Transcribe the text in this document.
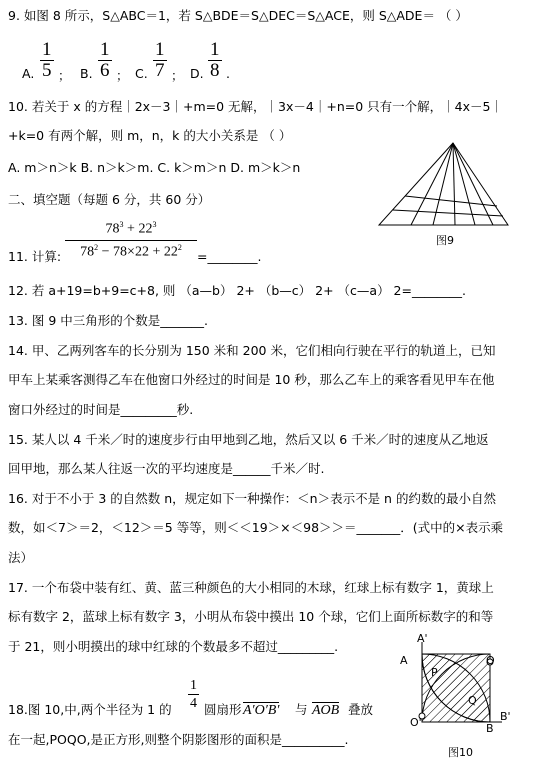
9. 如图 8 所示，S△ABC＝1，若 S△BDE＝S△DEC＝S△ACE，则 S△ADE＝ （ ）
A. $\frac{1}{5}$ ； B. $\frac{1}{6}$ ； C. $\frac{1}{7}$ ； D. $\frac{1}{8}$ .
10. 若关于 x 的方程｜2x－3｜+m=0 无解，｜3x－4｜+n=0 只有一个解，｜4x－5｜
+k=0 有两个解，则 m，n，k 的大小关系是 （ ）
A. m＞n＞k B. n＞k＞m. C. k＞m＞n D. m＞k＞n
二、填空题（每题 6 分，共 60 分）
11. 计算: $\frac{78^3 + 22^3}{78^2 - 78\times 22 + 22^2}$ =________.
12. 若 a+19=b+9=c+8, 则 （a—b） 2+ （b—c） 2+ （c—a） 2=________.
13. 图 9 中三角形的个数是_______.
14. 甲、乙两列客车的长分别为 150 米和 200 米，它们相向行驶在平行的轨道上，已知
甲车上某乘客测得乙车在他窗口外经过的时间是 10 秒，那么乙车上的乘客看见甲车在他
窗口外经过的时间是_________秒.
15. 某人以 4 千米／时的速度步行由甲地到乙地，然后又以 6 千米／时的速度从乙地返
回甲地，那么某人往返一次的平均速度是______千米／时.
16. 对于不小于 3 的自然数 n，规定如下一种操作：＜n＞表示不是 n 的约数的最小自然
数，如＜7＞＝2，＜12＞＝5 等等，则＜＜19＞×＜98＞＞＝_______．(式中的×表示乘
法）
17. 一个布袋中装有红、黄、蓝三种颜色的大小相同的木球，红球上标有数字 1，黄球上
标有数字 2，蓝球上标有数字 3，小明从布袋中摸出 10 个球，它们上面所标数字的和等
于 21，则小明摸出的球中红球的个数最多不超过_________.
18.图 10,中,两个半径为 1 的 $\frac{1}{4}$ 圆扇形 A′O′B′ 与 AOB 叠放
在一起,POQO,是正方形,则整个阴影图形的面积是__________.
图9
A'
A
P
O
Q
B'
O'	B
图10
